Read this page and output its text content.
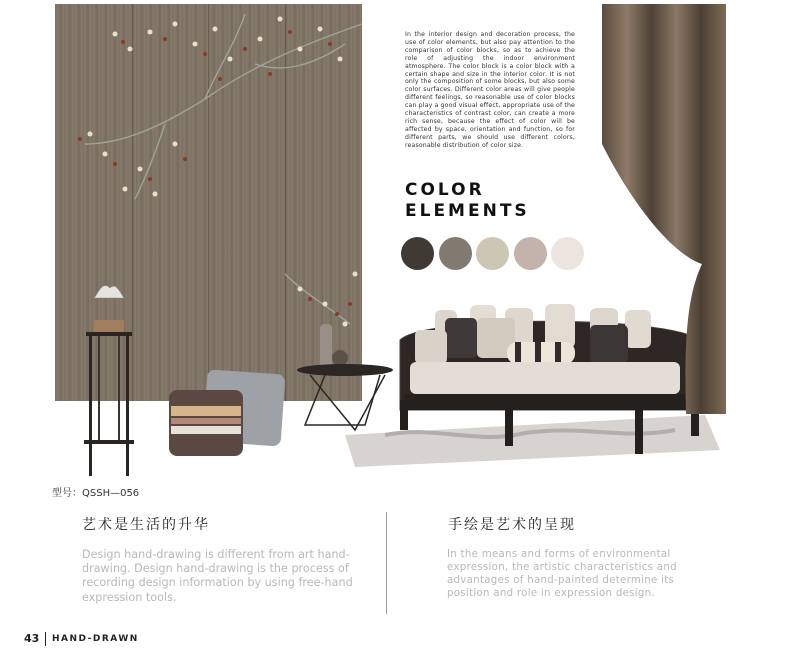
In the interior design and decoration process, the use of color elements, but also pay attention to the comparison of color blocks, so as to achieve the role of adjusting the indoor environment atmosphere. The color block is a color block with a certain shape and size in the interior color. It is not only the composition of some blocks, but also some color surfaces. Different color areas will give people different feelings, so reasonable use of color blocks can play a good visual effect, appropriate use of the characteristics of contrast color, can create a more rich sense, because the effect of color will be affected by space, orientation and function, so for different parts, we should use different colors, reasonable distribution of color size.
COLOR
ELEMENTS
型号：QSSH—056
艺术是生活的升华
Design hand-drawing is different from art hand-drawing. Design hand-drawing is the process of recording design information by using free-hand expression tools.
手绘是艺术的呈现
In the means and forms of environmental expression, the artistic characteristics and advantages of hand-painted determine its position and role in expression design.
43 HAND-DRAWN
